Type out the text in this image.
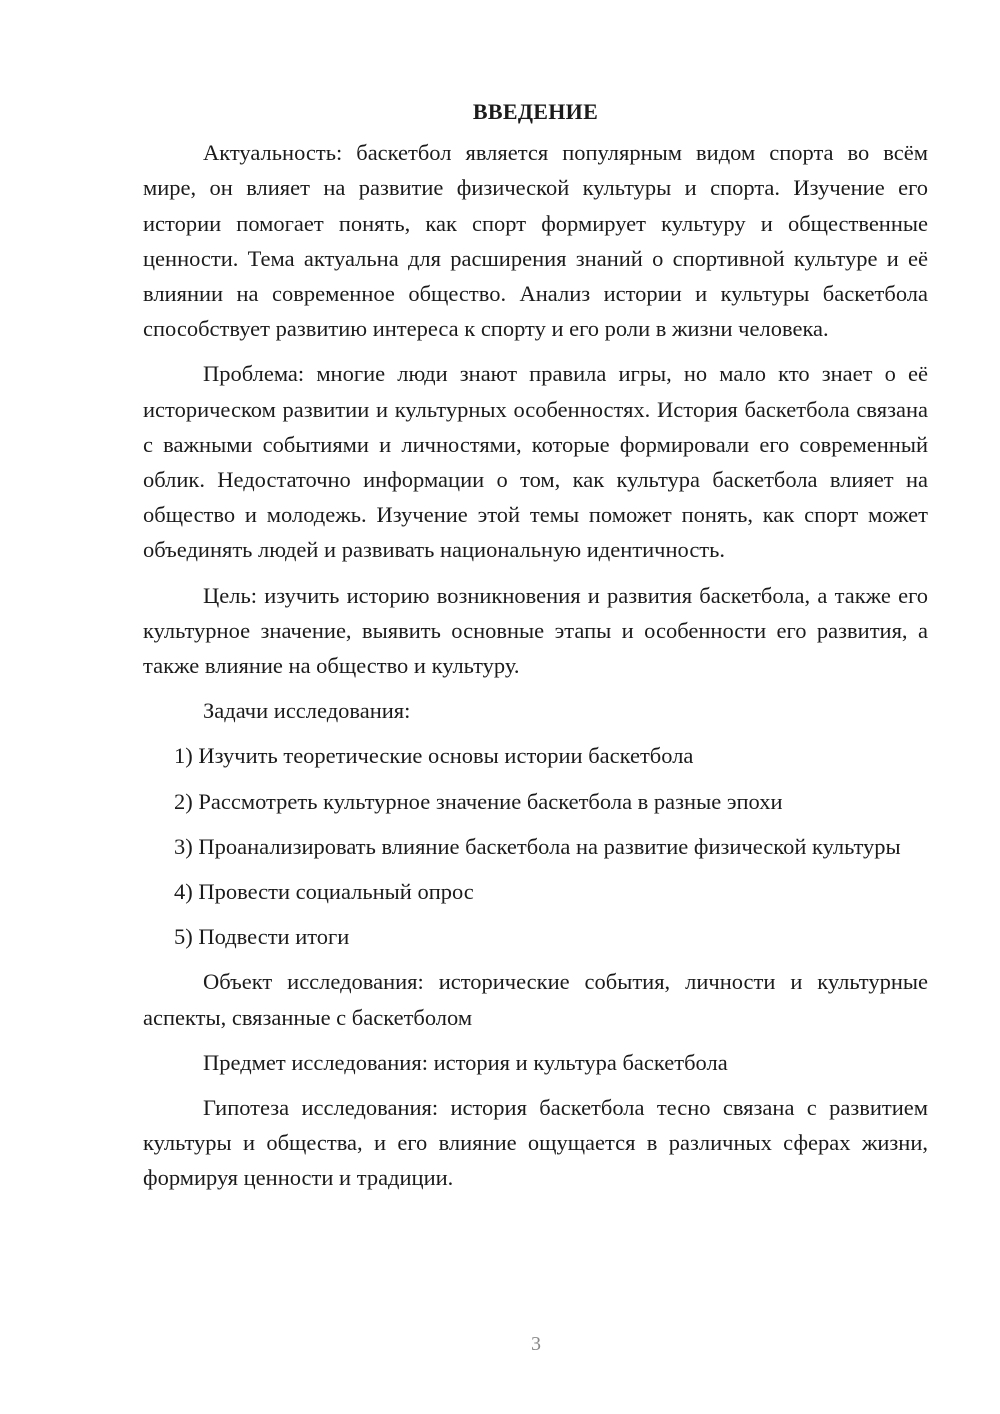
ВВЕДЕНИЕ

Актуальность: баскетбол является популярным видом спорта во всём мире, он влияет на развитие физической культуры и спорта. Изучение его истории помогает понять, как спорт формирует культуру и общественные ценности. Тема актуальна для расширения знаний о спортивной культуре и её влиянии на современное общество. Анализ истории и культуры баскетбола способствует развитию интереса к спорту и его роли в жизни человека.

Проблема: многие люди знают правила игры, но мало кто знает о её историческом развитии и культурных особенностях. История баскетбола связана с важными событиями и личностями, которые формировали его современный облик. Недостаточно информации о том, как культура баскетбола влияет на общество и молодежь. Изучение этой темы поможет понять, как спорт может объединять людей и развивать национальную идентичность.

Цель: изучить историю возникновения и развития баскетбола, а также его культурное значение, выявить основные этапы и особенности его развития, а также влияние на общество и культуру.

Задачи исследования:

1) Изучить теоретические основы истории баскетбола

2) Рассмотреть культурное значение баскетбола в разные эпохи

3) Проанализировать влияние баскетбола на развитие физической культуры

4) Провести социальный опрос

5) Подвести итоги

Объект исследования: исторические события, личности и культурные аспекты, связанные с баскетболом

Предмет исследования: история и культура баскетбола

Гипотеза исследования: история баскетбола тесно связана с развитием культуры и общества, и его влияние ощущается в различных сферах жизни, формируя ценности и традиции.

3
